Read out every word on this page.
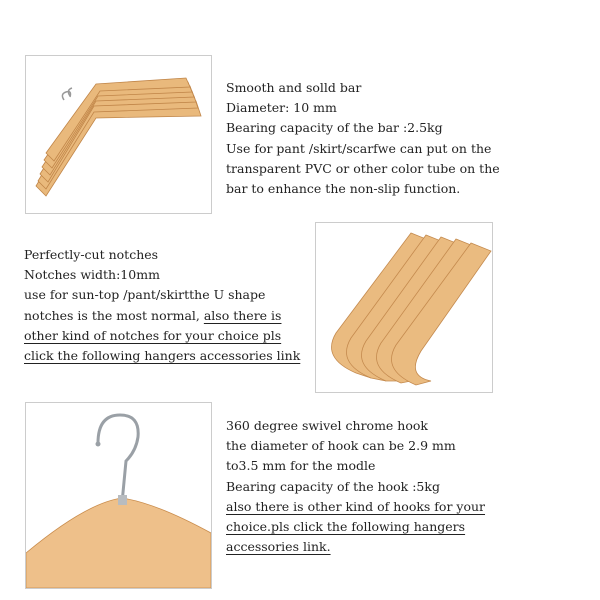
Smooth and solld bar
Diameter: 10 mm
Bearing capacity of the bar :2.5kg
Use for pant /skirt/scarfwe can put on the
transparent PVC or other color tube on the
bar to enhance the non-slip function.
Perfectly-cut notches
Notches width:10mm
use for sun-top /pant/skirtthe U shape
notches is the most normal, also there is
other kind of notches for your choice pls
click the following hangers accessories link
360 degree swivel chrome hook
the diameter of hook can be 2.9 mm
to3.5 mm for the modle
Bearing capacity of the hook :5kg
also there is other kind of hooks for your
choice.pls click the following hangers
accessories link.
